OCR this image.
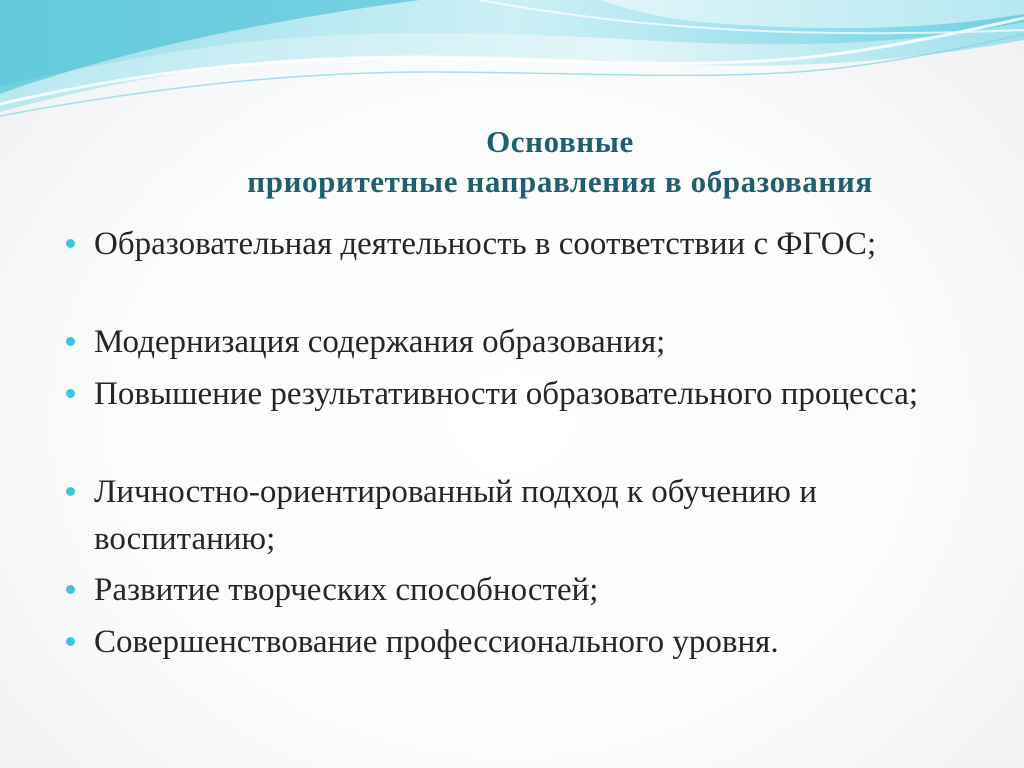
Основные
приоритетные направления в образования
Образовательная деятельность в соответствии с ФГОС;
Модернизация содержания образования;
Повышение результативности образовательного процесса;
Личностно-ориентированный подход к обучению и воспитанию;
Развитие творческих способностей;
Совершенствование профессионального уровня.
